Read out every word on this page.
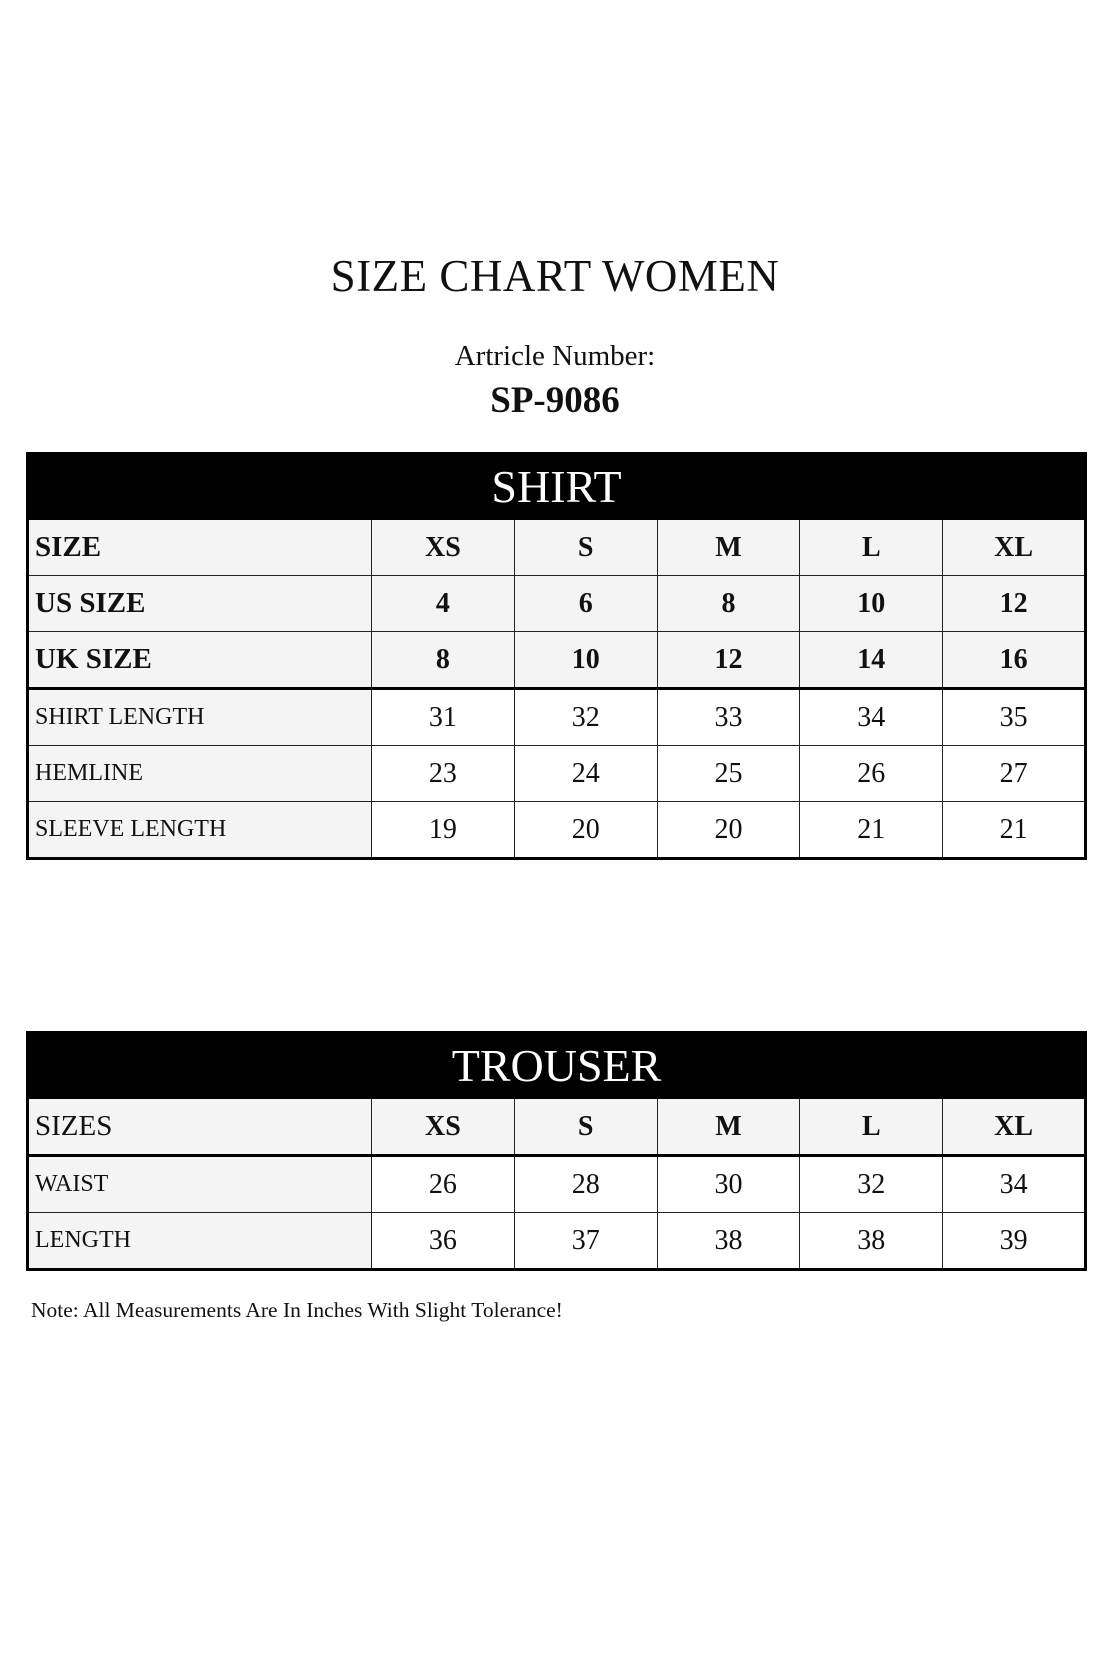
SIZE CHART WOMEN
Artricle Number:
SP-9086
SHIRT					
SIZE	XS	S	M	L	XL
US SIZE	4	6	8	10	12
UK SIZE	8	10	12	14	16
SHIRT LENGTH	31	32	33	34	35
HEMLINE	23	24	25	26	27
SLEEVE LENGTH	19	20	20	21	21
TROUSER					
SIZES	XS	S	M	L	XL
WAIST	26	28	30	32	34
LENGTH	36	37	38	38	39
Note: All Measurements Are In Inches With Slight Tolerance!
